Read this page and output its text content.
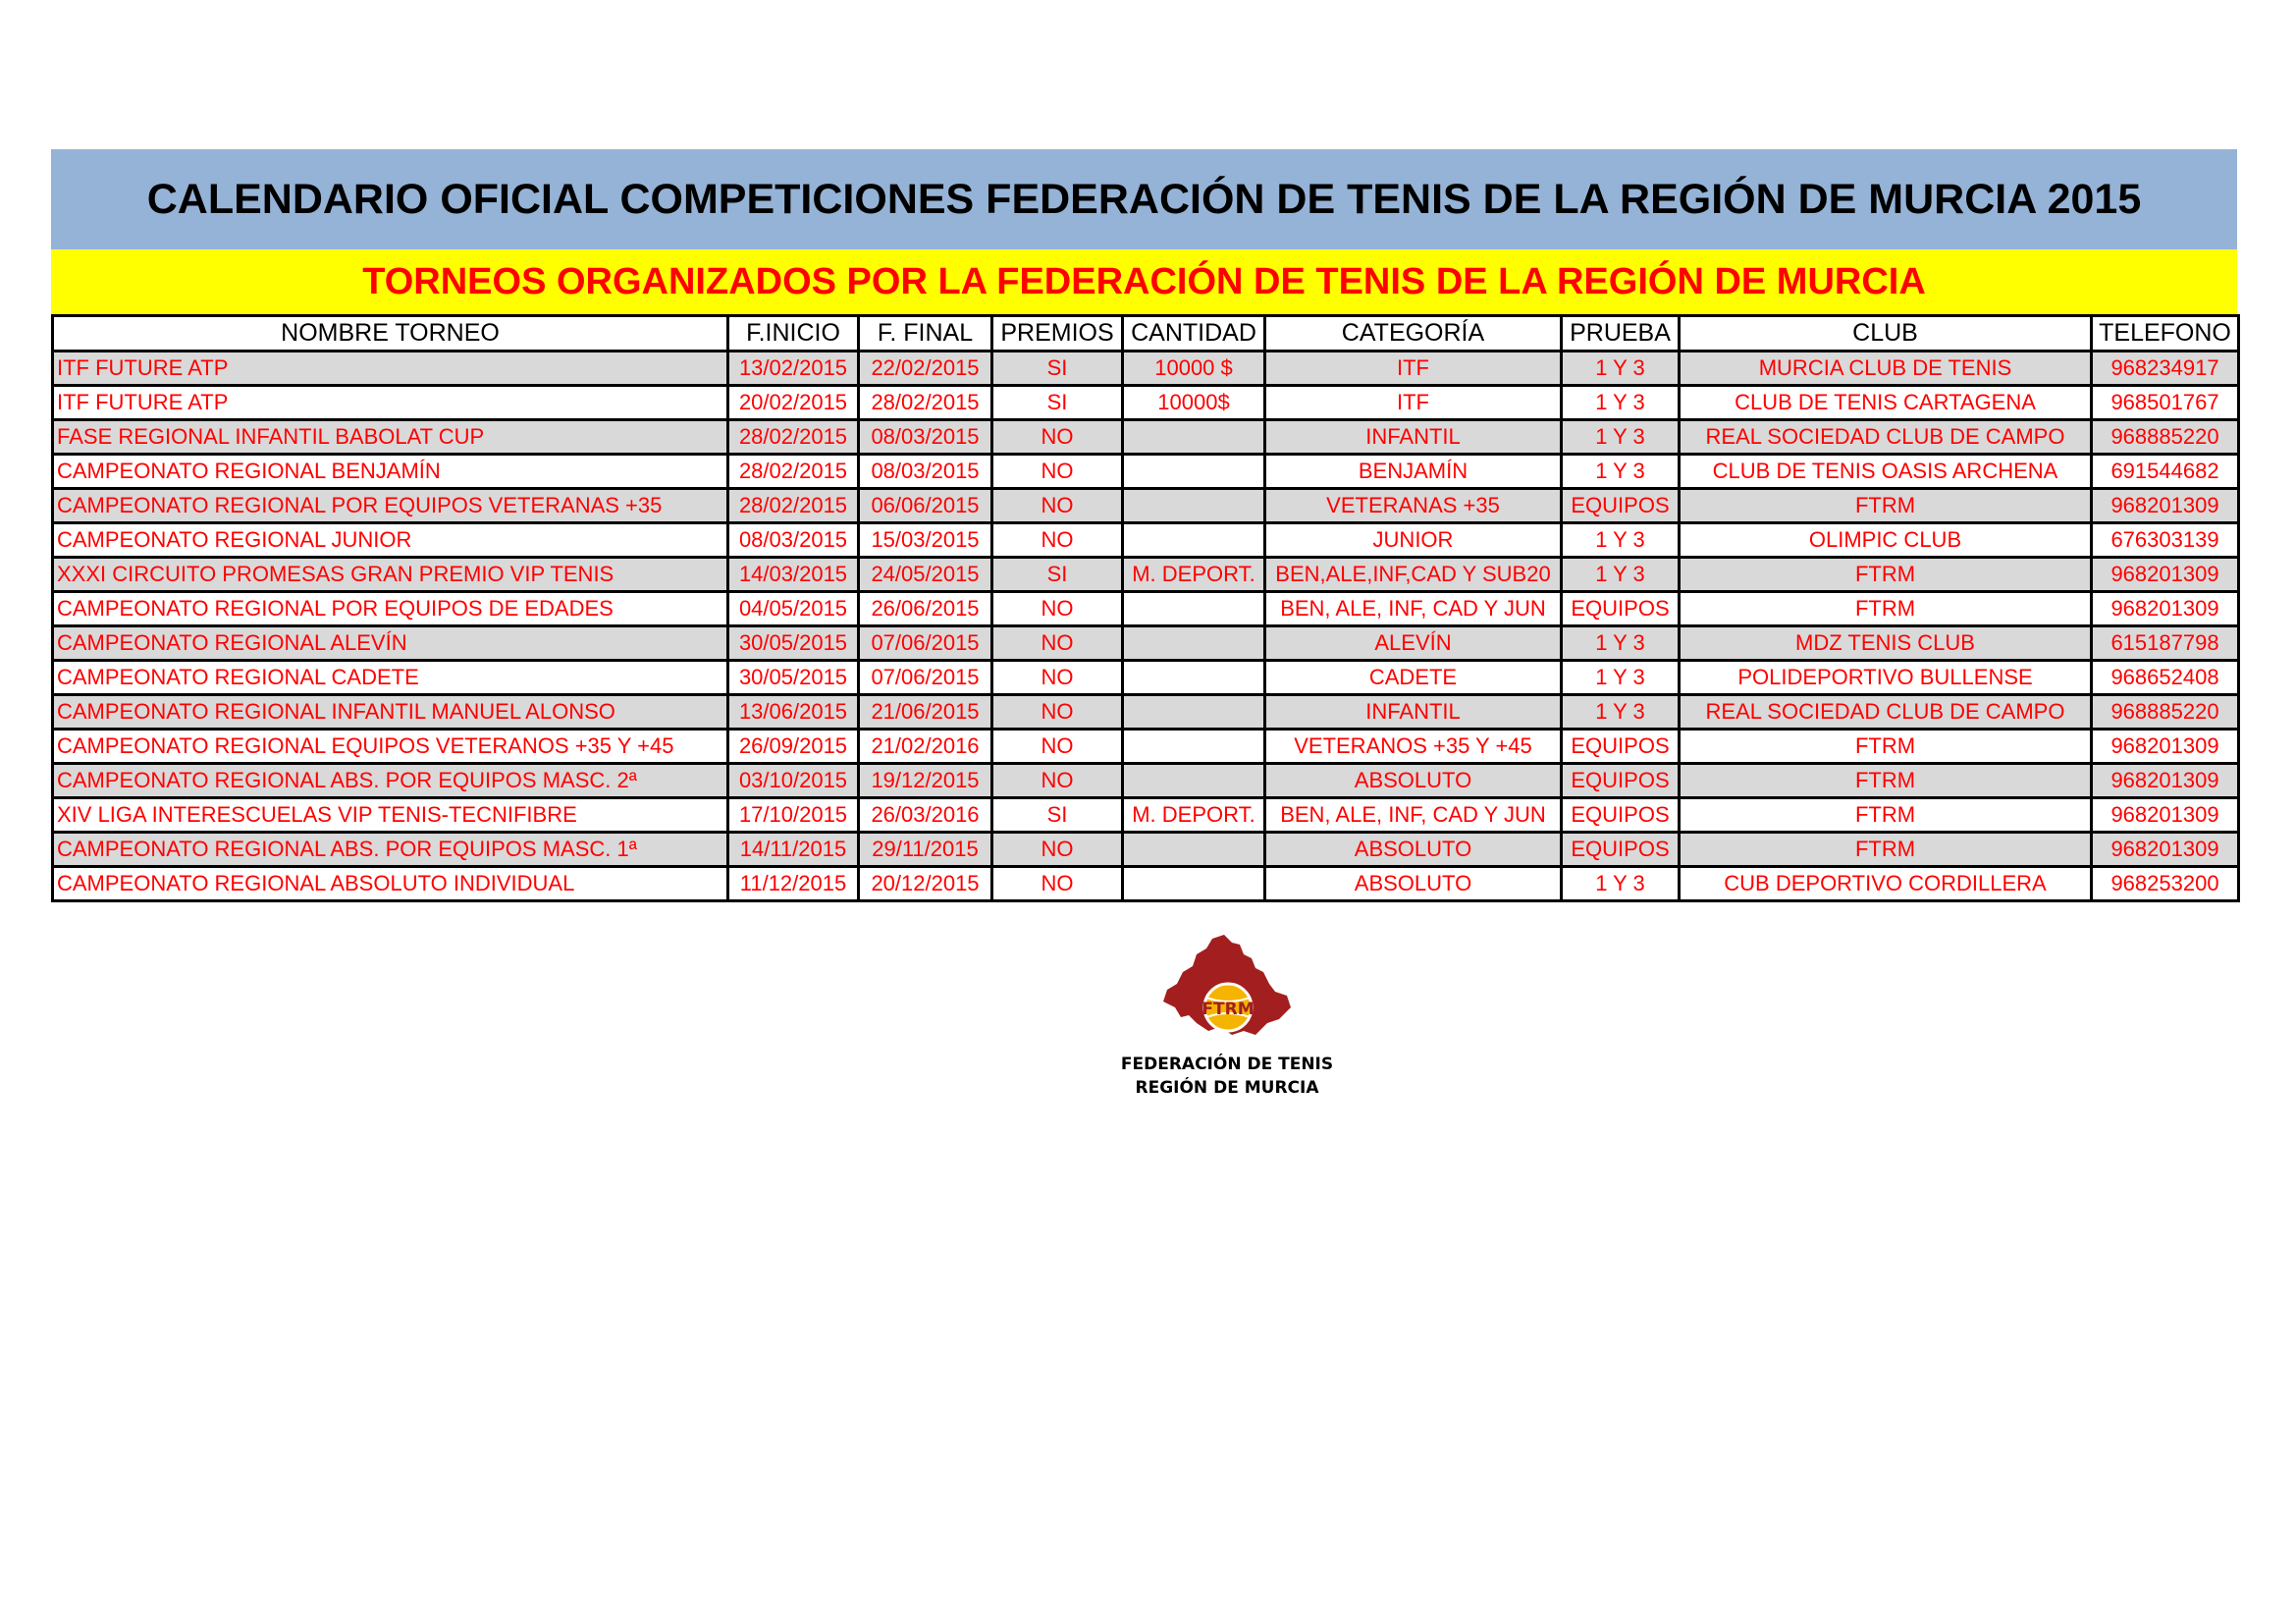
CALENDARIO OFICIAL COMPETICIONES FEDERACIÓN DE TENIS DE LA REGIÓN DE MURCIA 2015
TORNEOS ORGANIZADOS POR LA FEDERACIÓN DE TENIS DE LA REGIÓN DE MURCIA
NOMBRE TORNEO	F.INICIO	F. FINAL	PREMIOS	CANTIDAD	CATEGORÍA	PRUEBA	CLUB	TELEFONO
ITF FUTURE ATP	13/02/2015	22/02/2015	SI	10000 $	ITF	1 Y 3	MURCIA CLUB DE TENIS	968234917
ITF FUTURE ATP	20/02/2015	28/02/2015	SI	10000$	ITF	1 Y 3	CLUB DE TENIS CARTAGENA	968501767
FASE REGIONAL INFANTIL BABOLAT CUP	28/02/2015	08/03/2015	NO		INFANTIL	1 Y 3	REAL SOCIEDAD CLUB DE CAMPO	968885220
CAMPEONATO REGIONAL BENJAMÍN	28/02/2015	08/03/2015	NO		BENJAMÍN	1 Y 3	CLUB DE TENIS OASIS ARCHENA	691544682
CAMPEONATO REGIONAL POR EQUIPOS VETERANAS +35	28/02/2015	06/06/2015	NO		VETERANAS +35	EQUIPOS	FTRM	968201309
CAMPEONATO REGIONAL JUNIOR	08/03/2015	15/03/2015	NO		JUNIOR	1 Y 3	OLIMPIC CLUB	676303139
XXXI CIRCUITO PROMESAS GRAN PREMIO VIP TENIS	14/03/2015	24/05/2015	SI	M. DEPORT.	BEN,ALE,INF,CAD Y SUB20	1 Y 3	FTRM	968201309
CAMPEONATO REGIONAL POR EQUIPOS DE EDADES	04/05/2015	26/06/2015	NO		BEN, ALE, INF, CAD Y JUN	EQUIPOS	FTRM	968201309
CAMPEONATO REGIONAL ALEVÍN	30/05/2015	07/06/2015	NO		ALEVÍN	1 Y 3	MDZ TENIS CLUB	615187798
CAMPEONATO REGIONAL CADETE	30/05/2015	07/06/2015	NO		CADETE	1 Y 3	POLIDEPORTIVO BULLENSE	968652408
CAMPEONATO REGIONAL INFANTIL MANUEL ALONSO	13/06/2015	21/06/2015	NO		INFANTIL	1 Y 3	REAL SOCIEDAD CLUB DE CAMPO	968885220
CAMPEONATO REGIONAL EQUIPOS VETERANOS +35 Y +45	26/09/2015	21/02/2016	NO		VETERANOS +35 Y +45	EQUIPOS	FTRM	968201309
CAMPEONATO REGIONAL ABS. POR EQUIPOS MASC. 2ª	03/10/2015	19/12/2015	NO		ABSOLUTO	EQUIPOS	FTRM	968201309
XIV LIGA INTERESCUELAS VIP TENIS-TECNIFIBRE	17/10/2015	26/03/2016	SI	M. DEPORT.	BEN, ALE, INF, CAD Y JUN	EQUIPOS	FTRM	968201309
CAMPEONATO REGIONAL ABS. POR EQUIPOS MASC. 1ª	14/11/2015	29/11/2015	NO		ABSOLUTO	EQUIPOS	FTRM	968201309
CAMPEONATO REGIONAL ABSOLUTO INDIVIDUAL	11/12/2015	20/12/2015	NO		ABSOLUTO	1 Y 3	CUB DEPORTIVO CORDILLERA	968253200
FTRM
FEDERACIÓN DE TENIS
REGIÓN DE MURCIA
